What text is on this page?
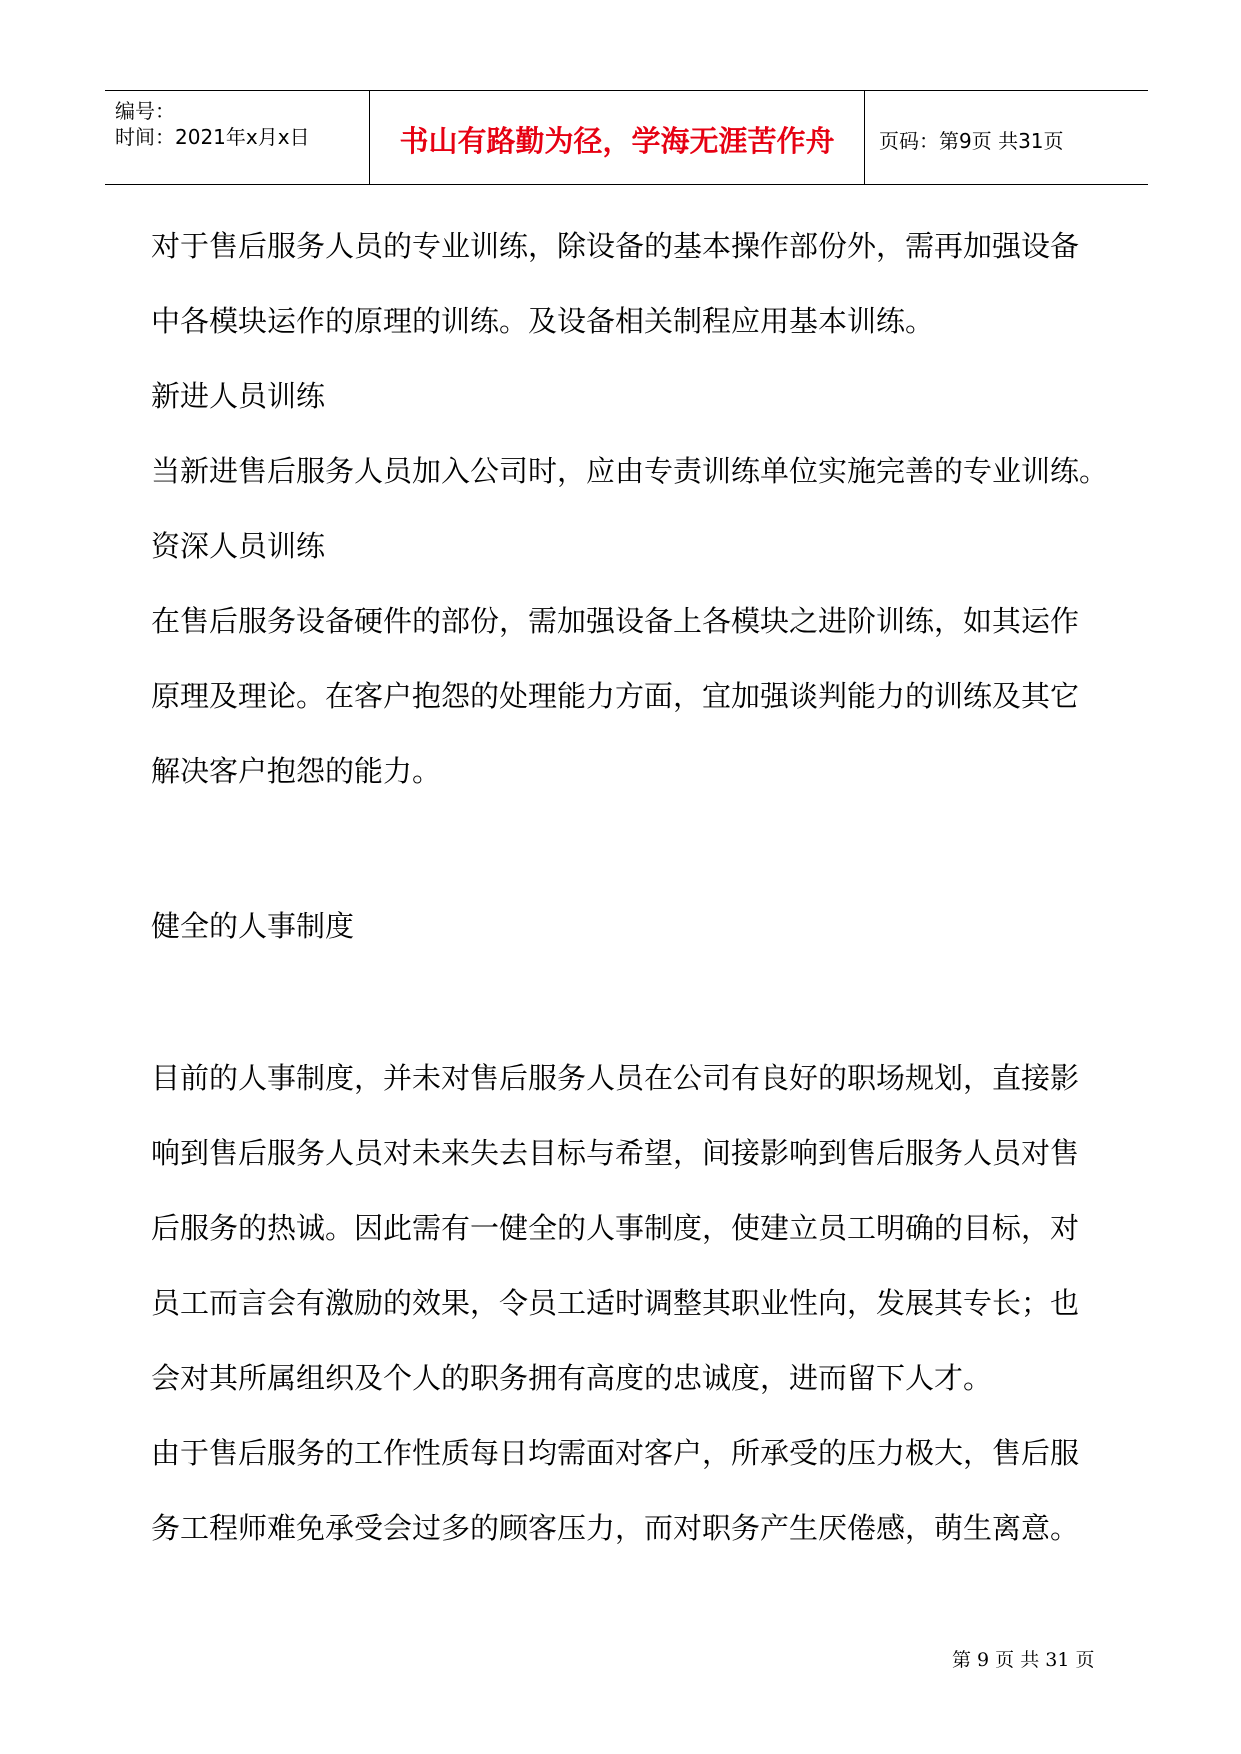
编号：
时间：2021年x月x日	书山有路勤为径，学海无涯苦作舟	页码：第9页 共31页
对于售后服务人员的专业训练，除设备的基本操作部份外，需再加强设备
中各模块运作的原理的训练。及设备相关制程应用基本训练。
新进人员训练
当新进售后服务人员加入公司时，应由专责训练单位实施完善的专业训练。
资深人员训练
在售后服务设备硬件的部份，需加强设备上各模块之进阶训练，如其运作
原理及理论。在客户抱怨的处理能力方面，宜加强谈判能力的训练及其它
解决客户抱怨的能力。
健全的人事制度
目前的人事制度，并未对售后服务人员在公司有良好的职场规划，直接影
响到售后服务人员对未来失去目标与希望，间接影响到售后服务人员对售
后服务的热诚。因此需有一健全的人事制度，使建立员工明确的目标，对
员工而言会有激励的效果，令员工适时调整其职业性向，发展其专长；也
会对其所属组织及个人的职务拥有高度的忠诚度，进而留下人才。
由于售后服务的工作性质每日均需面对客户，所承受的压力极大，售后服
务工程师难免承受会过多的顾客压力，而对职务产生厌倦感，萌生离意。
第 9 页 共 31 页
